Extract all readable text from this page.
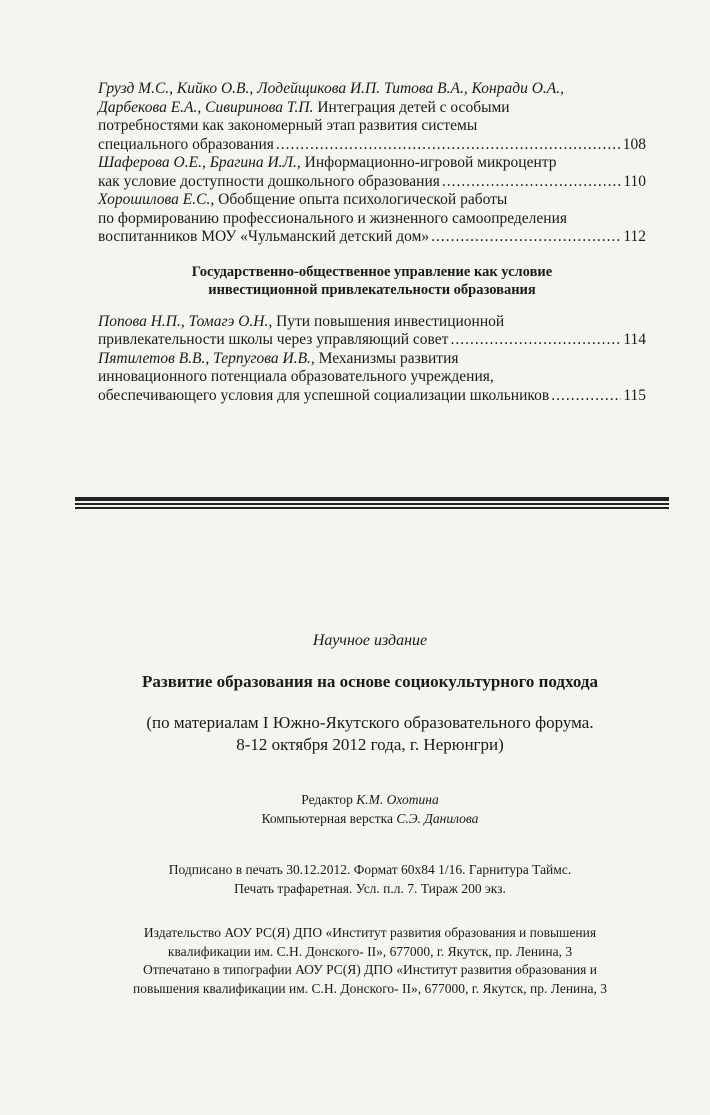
Грузд М.С., Кийко О.В., Лодейщикова И.П. Титова В.А., Конради О.А.,
Дарбекова Е.А., Сивиринова Т.П. Интеграция детей с особыми
потребностями как закономерный этап развития системы
специального образования .....	108
Шаферова О.Е., Брагина И.Л., Информационно-игровой микроцентр
как условие доступности дошкольного образования .....	110
Хорошилова Е.С., Обобщение опыта психологической работы
по формированию профессионального и жизненного самоопределения
воспитанников МОУ «Чульманский детский дом» .....	112
Государственно-общественное управление как условие
инвестиционной привлекательности образования
Попова Н.П., Томагэ О.Н., Пути повышения инвестиционной
привлекательности школы через управляющий совет .....	114
Пятилетов В.В., Терпугова И.В., Механизмы развития
инновационного потенциала образовательного учреждения,
обеспечивающего условия для успешной социализации школьников .....	115
Научное издание
Развитие образования на основе социокультурного подхода
(по материалам I Южно-Якутского образовательного форума.
8-12 октября 2012 года, г. Нерюнгри)
Редактор К.М. Охотина
Компьютерная верстка С.Э. Данилова
Подписано в печать 30.12.2012. Формат 60х84 1/16. Гарнитура Таймс.
Печать трафаретная. Усл. п.л. 7. Тираж 200 экз.
Издательство АОУ РС(Я) ДПО «Институт развития образования и повышения
квалификации им. С.Н. Донского- II», 677000, г. Якутск, пр. Ленина, 3
Отпечатано в типографии АОУ РС(Я) ДПО «Институт развития образования и
повышения квалификации им. С.Н. Донского- II», 677000, г. Якутск, пр. Ленина, 3
